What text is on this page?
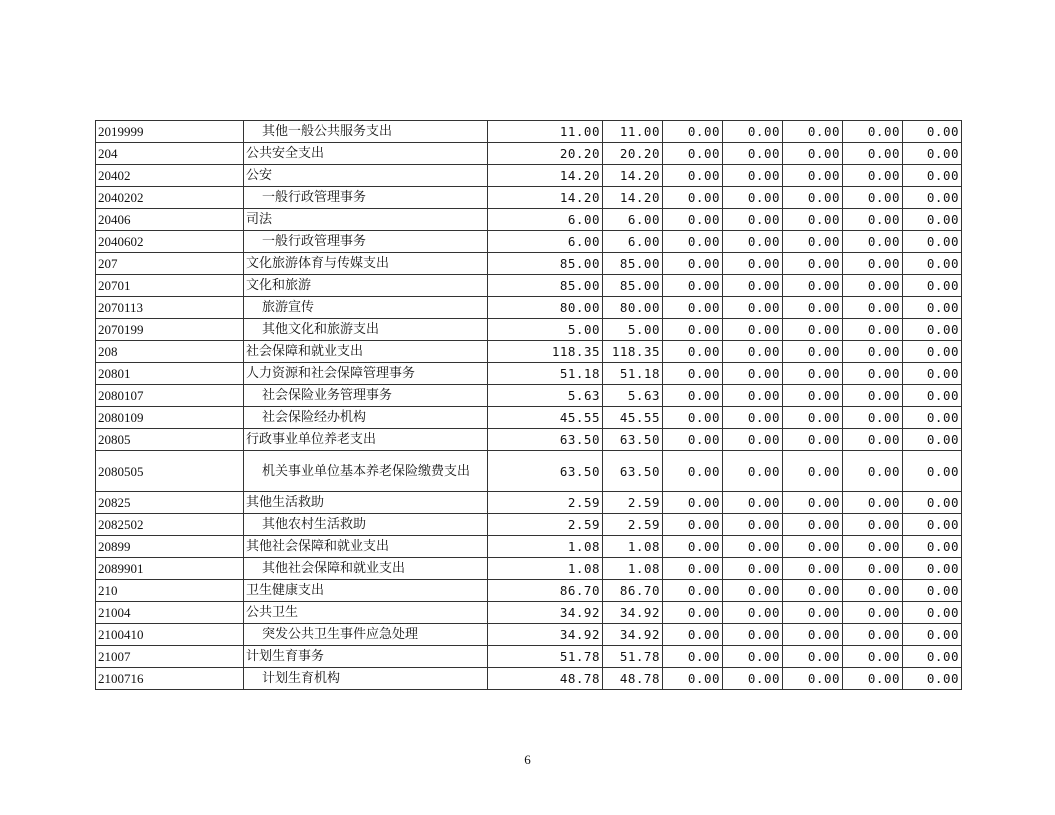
2019999	其他一般公共服务支出	11.00	11.00	0.00	0.00	0.00	0.00	0.00
204	公共安全支出	20.20	20.20	0.00	0.00	0.00	0.00	0.00
20402	公安	14.20	14.20	0.00	0.00	0.00	0.00	0.00
2040202	一般行政管理事务	14.20	14.20	0.00	0.00	0.00	0.00	0.00
20406	司法	6.00	6.00	0.00	0.00	0.00	0.00	0.00
2040602	一般行政管理事务	6.00	6.00	0.00	0.00	0.00	0.00	0.00
207	文化旅游体育与传媒支出	85.00	85.00	0.00	0.00	0.00	0.00	0.00
20701	文化和旅游	85.00	85.00	0.00	0.00	0.00	0.00	0.00
2070113	旅游宣传	80.00	80.00	0.00	0.00	0.00	0.00	0.00
2070199	其他文化和旅游支出	5.00	5.00	0.00	0.00	0.00	0.00	0.00
208	社会保障和就业支出	118.35	118.35	0.00	0.00	0.00	0.00	0.00
20801	人力资源和社会保障管理事务	51.18	51.18	0.00	0.00	0.00	0.00	0.00
2080107	社会保险业务管理事务	5.63	5.63	0.00	0.00	0.00	0.00	0.00
2080109	社会保险经办机构	45.55	45.55	0.00	0.00	0.00	0.00	0.00
20805	行政事业单位养老支出	63.50	63.50	0.00	0.00	0.00	0.00	0.00
2080505	机关事业单位基本养老保险缴费支出	63.50	63.50	0.00	0.00	0.00	0.00	0.00
20825	其他生活救助	2.59	2.59	0.00	0.00	0.00	0.00	0.00
2082502	其他农村生活救助	2.59	2.59	0.00	0.00	0.00	0.00	0.00
20899	其他社会保障和就业支出	1.08	1.08	0.00	0.00	0.00	0.00	0.00
2089901	其他社会保障和就业支出	1.08	1.08	0.00	0.00	0.00	0.00	0.00
210	卫生健康支出	86.70	86.70	0.00	0.00	0.00	0.00	0.00
21004	公共卫生	34.92	34.92	0.00	0.00	0.00	0.00	0.00
2100410	突发公共卫生事件应急处理	34.92	34.92	0.00	0.00	0.00	0.00	0.00
21007	计划生育事务	51.78	51.78	0.00	0.00	0.00	0.00	0.00
2100716	计划生育机构	48.78	48.78	0.00	0.00	0.00	0.00	0.00
6
